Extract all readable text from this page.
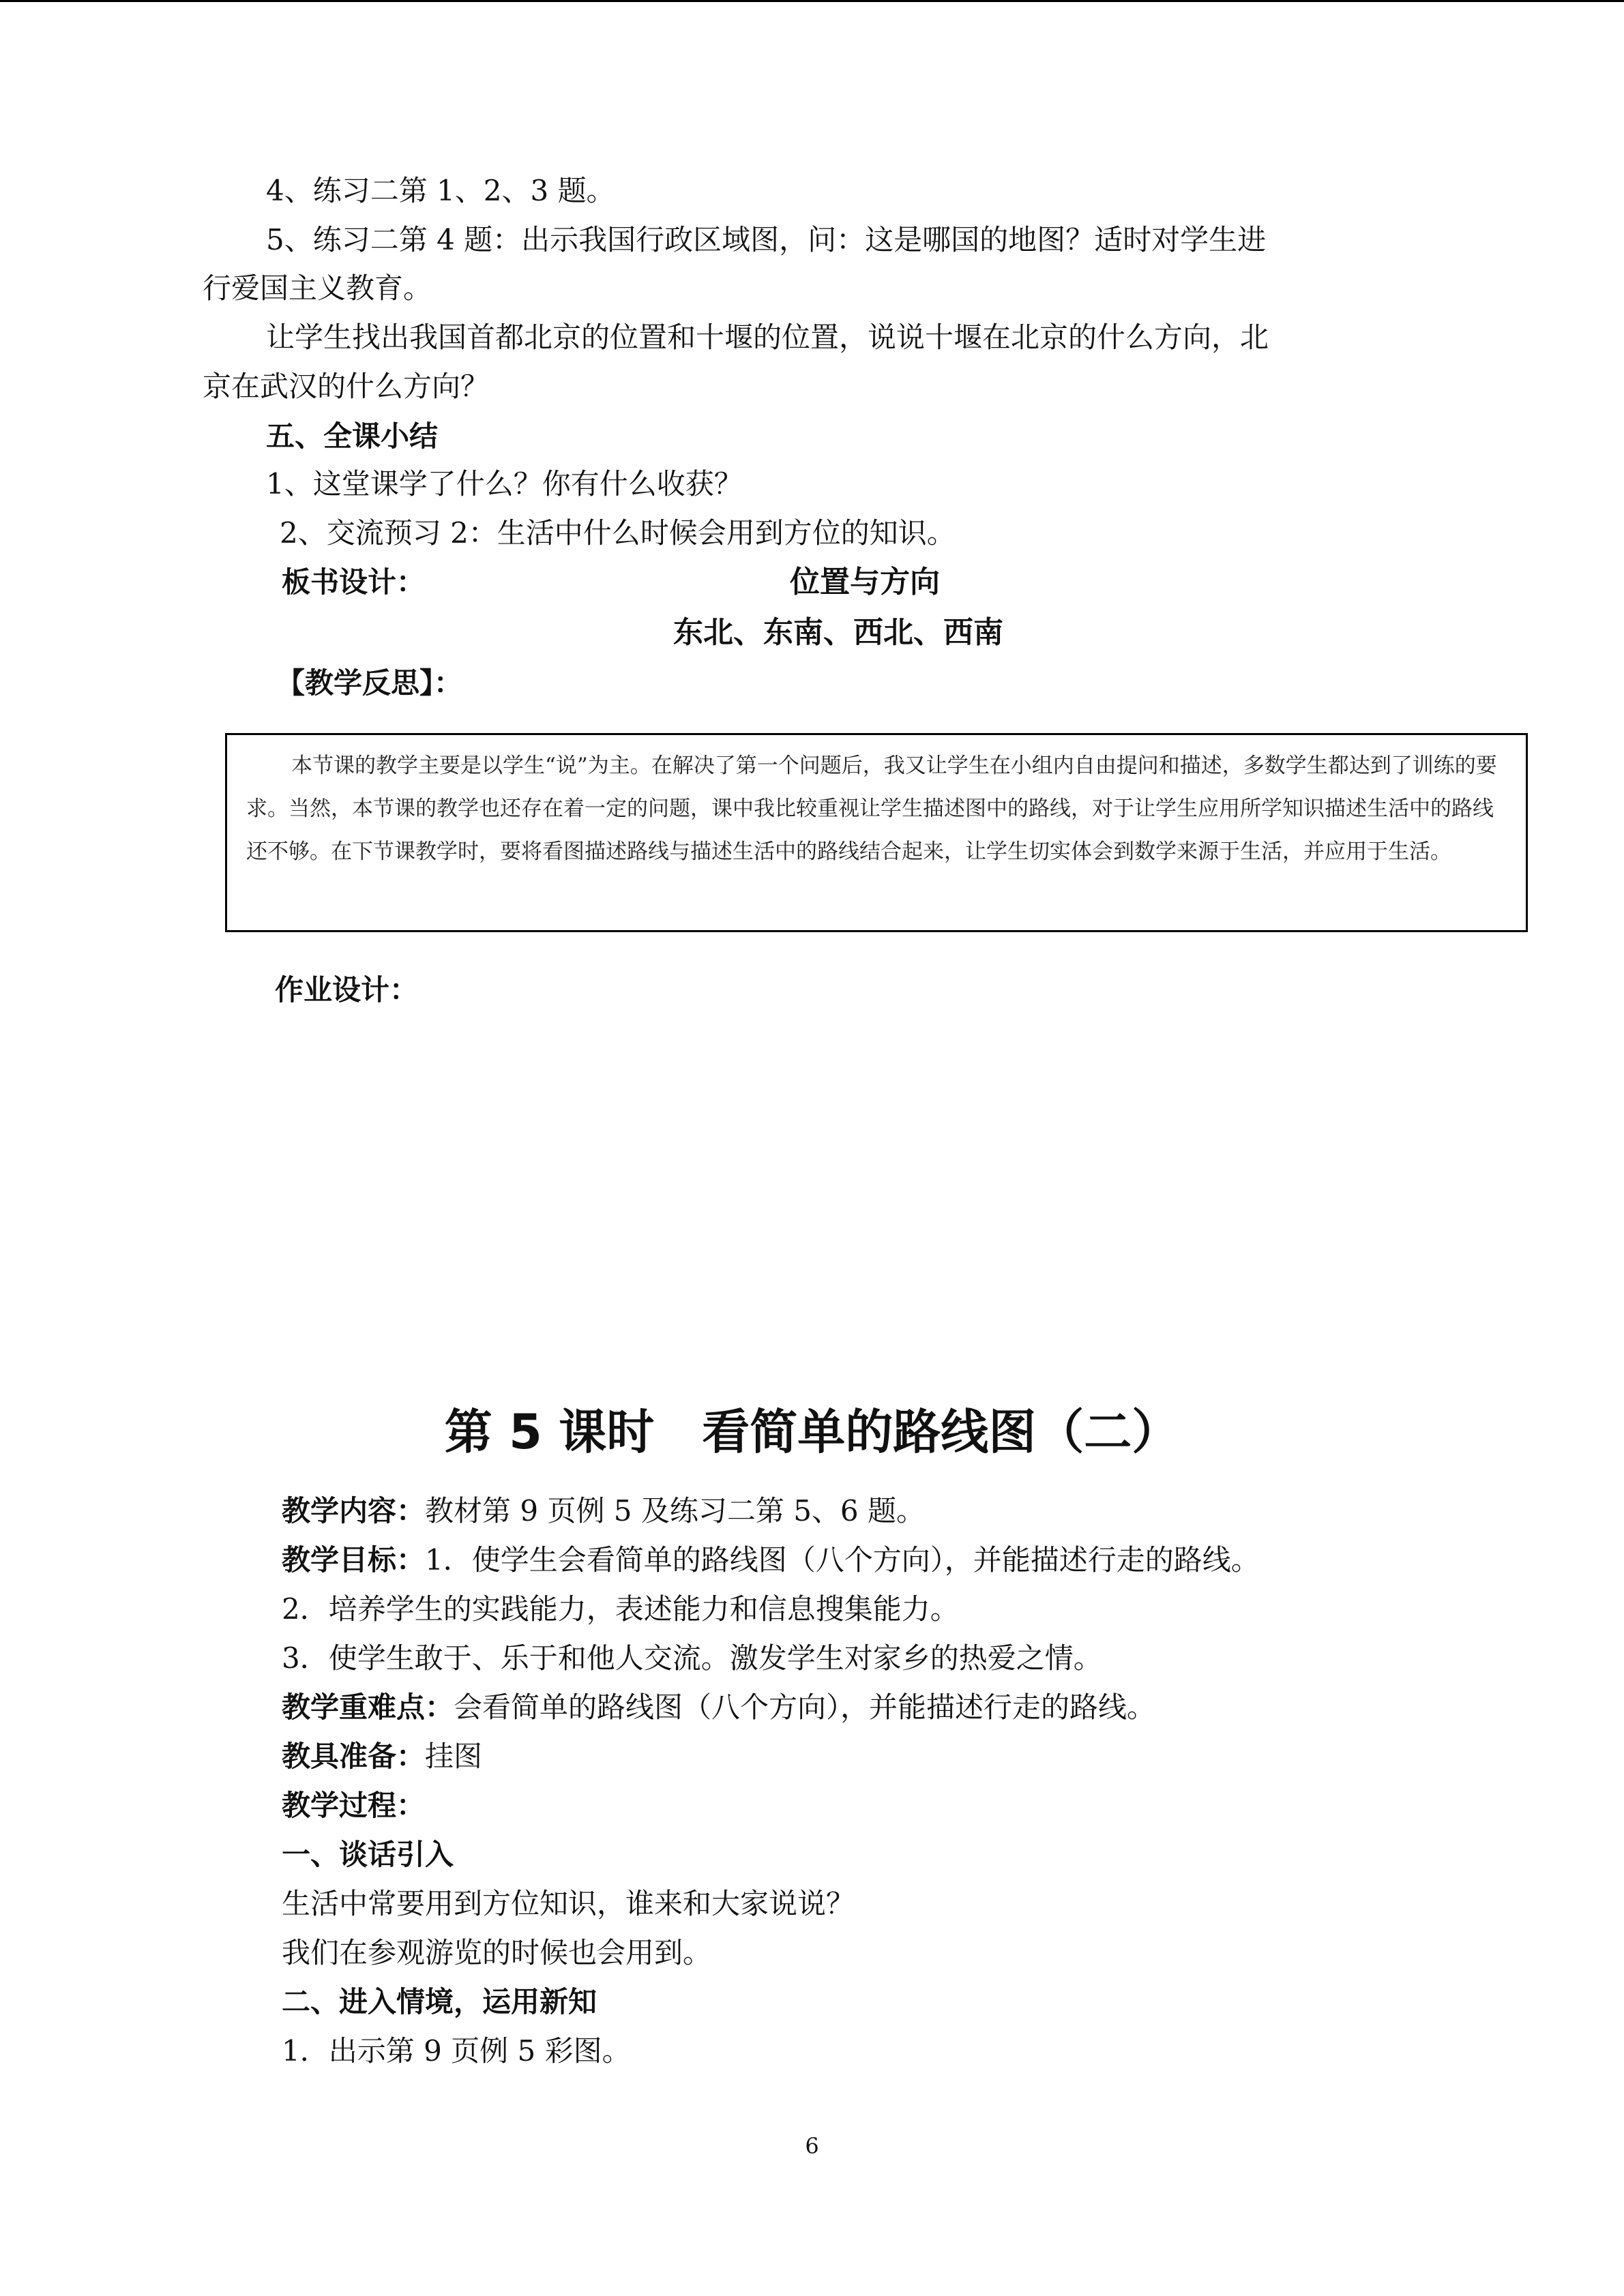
4、练习二第 1、2、3 题。
5、练习二第 4 题：出示我国行政区域图，问：这是哪国的地图？适时对学生进
行爱国主义教育。
让学生找出我国首都北京的位置和十堰的位置，说说十堰在北京的什么方向，北
京在武汉的什么方向？
五、全课小结
1、这堂课学了什么？你有什么收获？
2、交流预习 2：生活中什么时候会用到方位的知识。
板书设计：	位置与方向
东北、东南、西北、西南
【教学反思】：

本节课的教学主要是以学生“说”为主。在解决了第一个问题后，我又让学生在小组内自由提问和描述，多数学生都达到了训练的要求。当然，本节课的教学也还存在着一定的问题，课中我比较重视让学生描述图中的路线，对于让学生应用所学知识描述生活中的路线还不够。在下节课教学时，要将看图描述路线与描述生活中的路线结合起来，让学生切实体会到数学来源于生活，并应用于生活。

作业设计：
第 5 课时　看简单的路线图（二）
教学内容：教材第 9 页例 5 及练习二第 5、6 题。
教学目标：1．使学生会看简单的路线图（八个方向），并能描述行走的路线。
2．培养学生的实践能力，表述能力和信息搜集能力。
3．使学生敢于、乐于和他人交流。激发学生对家乡的热爱之情。
教学重难点：会看简单的路线图（八个方向），并能描述行走的路线。
教具准备：挂图
教学过程：
一、谈话引入
生活中常要用到方位知识，谁来和大家说说？
我们在参观游览的时候也会用到。
二、进入情境，运用新知
1．出示第 9 页例 5 彩图。
6
